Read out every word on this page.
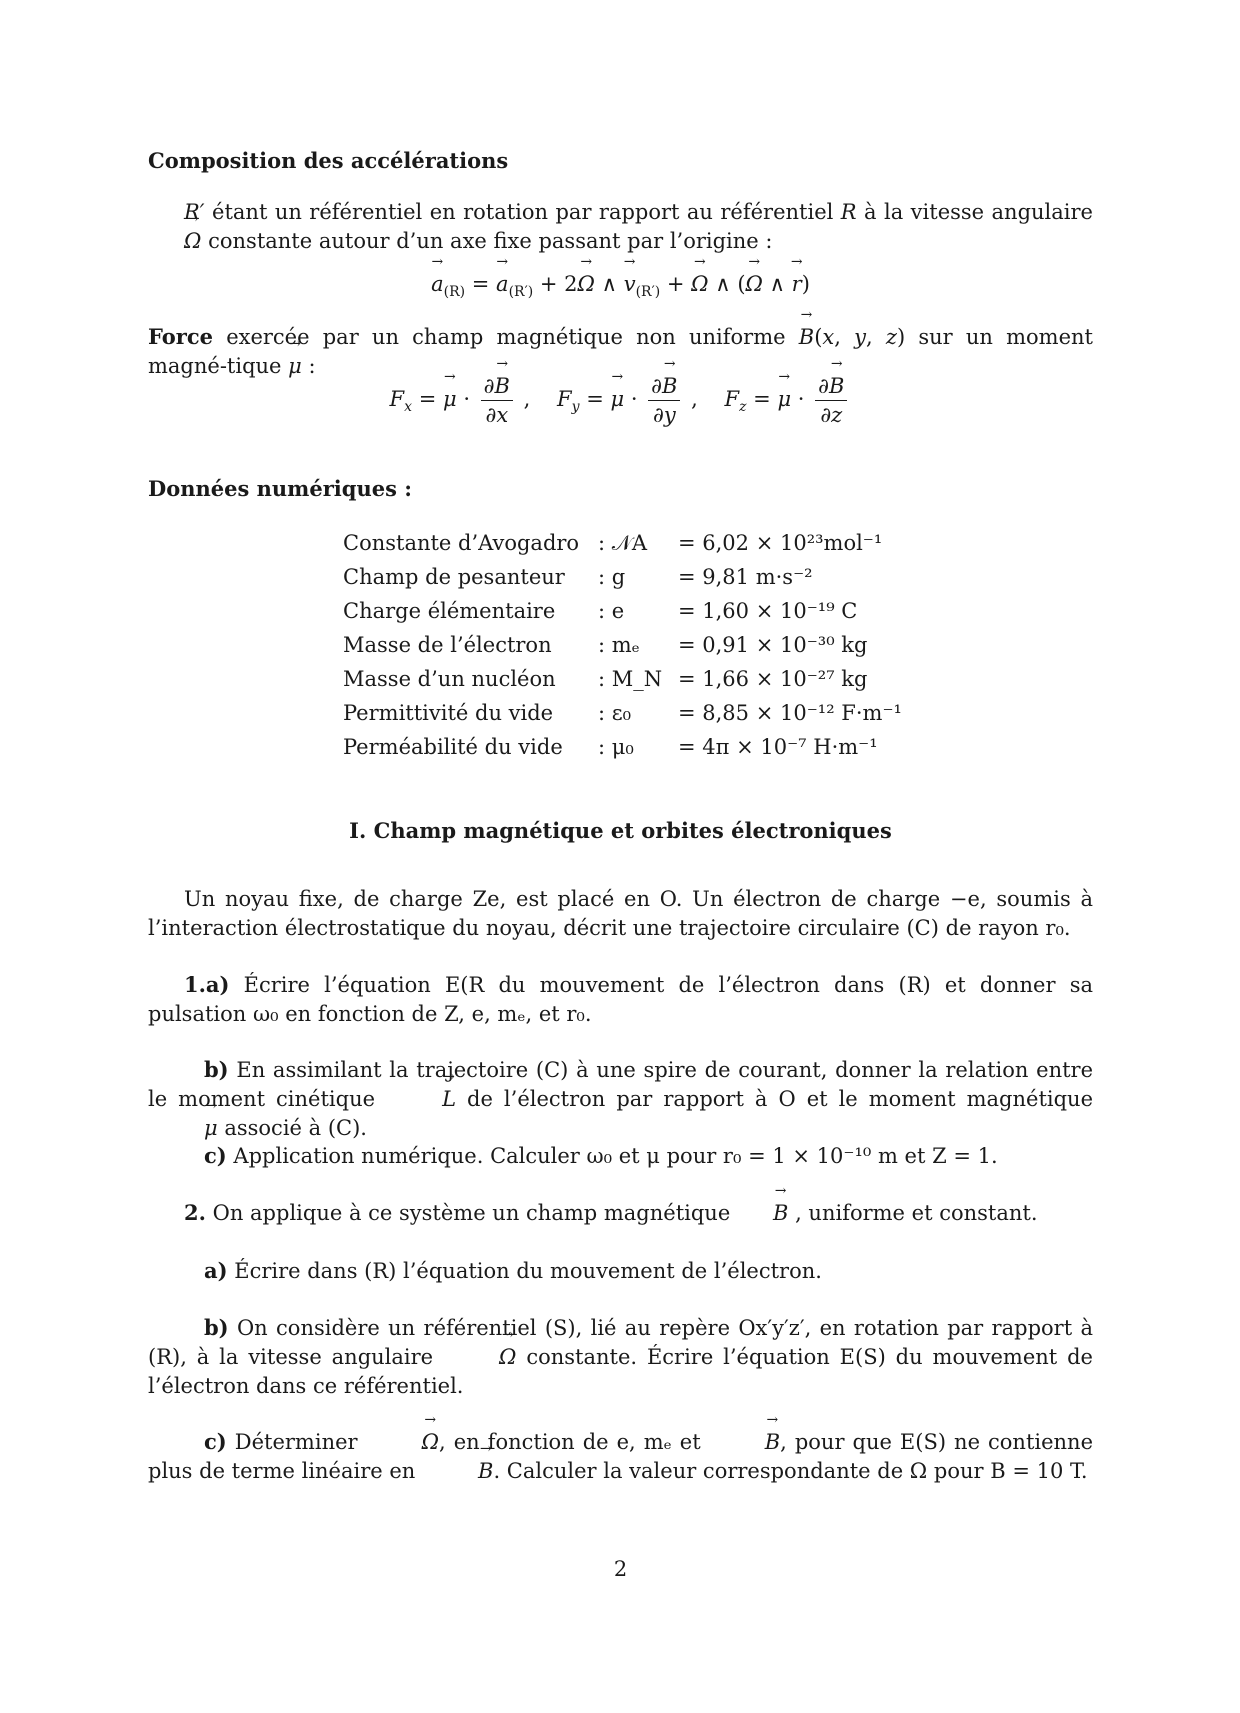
Composition des accélérations
R′ étant un référentiel en rotation par rapport au référentiel R à la vitesse angulaire → Ω constante autour d’un axe fixe passant par l’origine :
→ $a_{(R)}$ = → $a_{(R')} + 2\to \Omega$ ∧ → $v_{(R')}$ + → Ω ∧ (→ Ω ∧ → r)
Force exercée par un champ magnétique non uniforme → B(x, y, z) sur un moment magné-tique → μ :
$F_x$ = → $\mu \cdot \frac{\partial\to B}{\partial x}$ ,    $F_y$ = → $\mu \cdot \frac{\partial\to B}{\partial y}$ ,    $F_z$ = → $\mu \cdot \frac{\partial\to B}{\partial z}$
Données numériques :
Constante d’Avogadro	: 𝒩A	= 6,02 × 10²³mol⁻¹
Champ de pesanteur	: g	= 9,81 m·s⁻²
Charge élémentaire	: e	= 1,60 × 10⁻¹⁹ C
Masse de l’électron	: mₑ	= 0,91 × 10⁻³⁰ kg
Masse d’un nucléon	: M_N	= 1,66 × 10⁻²⁷ kg
Permittivité du vide	: ε₀	= 8,85 × 10⁻¹² F·m⁻¹
Perméabilité du vide	: μ₀	= 4π × 10⁻⁷ H·m⁻¹
I. Champ magnétique et orbites électroniques
Un noyau fixe, de charge Ze, est placé en O. Un électron de charge −e, soumis à l’interaction électrostatique du noyau, décrit une trajectoire circulaire (C) de rayon r₀.
1.a) Écrire l’équation E(R du mouvement de l’électron dans (R) et donner sa pulsation ω₀ en fonction de Z, e, mₑ, et r₀.
b) En assimilant la trajectoire (C) à une spire de courant, donner la relation entre le moment cinétique	→ L de l’électron par rapport à O et le moment magnétique → μ associé à (C).
c) Application numérique. Calculer ω₀ et μ pour r₀ = 1 × 10⁻¹⁰ m et Z = 1.
2. On applique à ce système un champ magnétique → B , uniforme et constant.
a) Écrire dans (R) l’équation du mouvement de l’électron.
b) On considère un référentiel (S), lié au repère Ox′y′z′, en rotation par rapport à (R), à la vitesse angulaire	→ Ω constante. Écrire l’équation E(S) du mouvement de l’électron dans ce référentiel.
c) Déterminer	→ Ω, en fonction de e, mₑ et	→ B, pour que E(S) ne contienne plus de terme linéaire en	→ B. Calculer la valeur correspondante de Ω pour B = 10 T.
2
